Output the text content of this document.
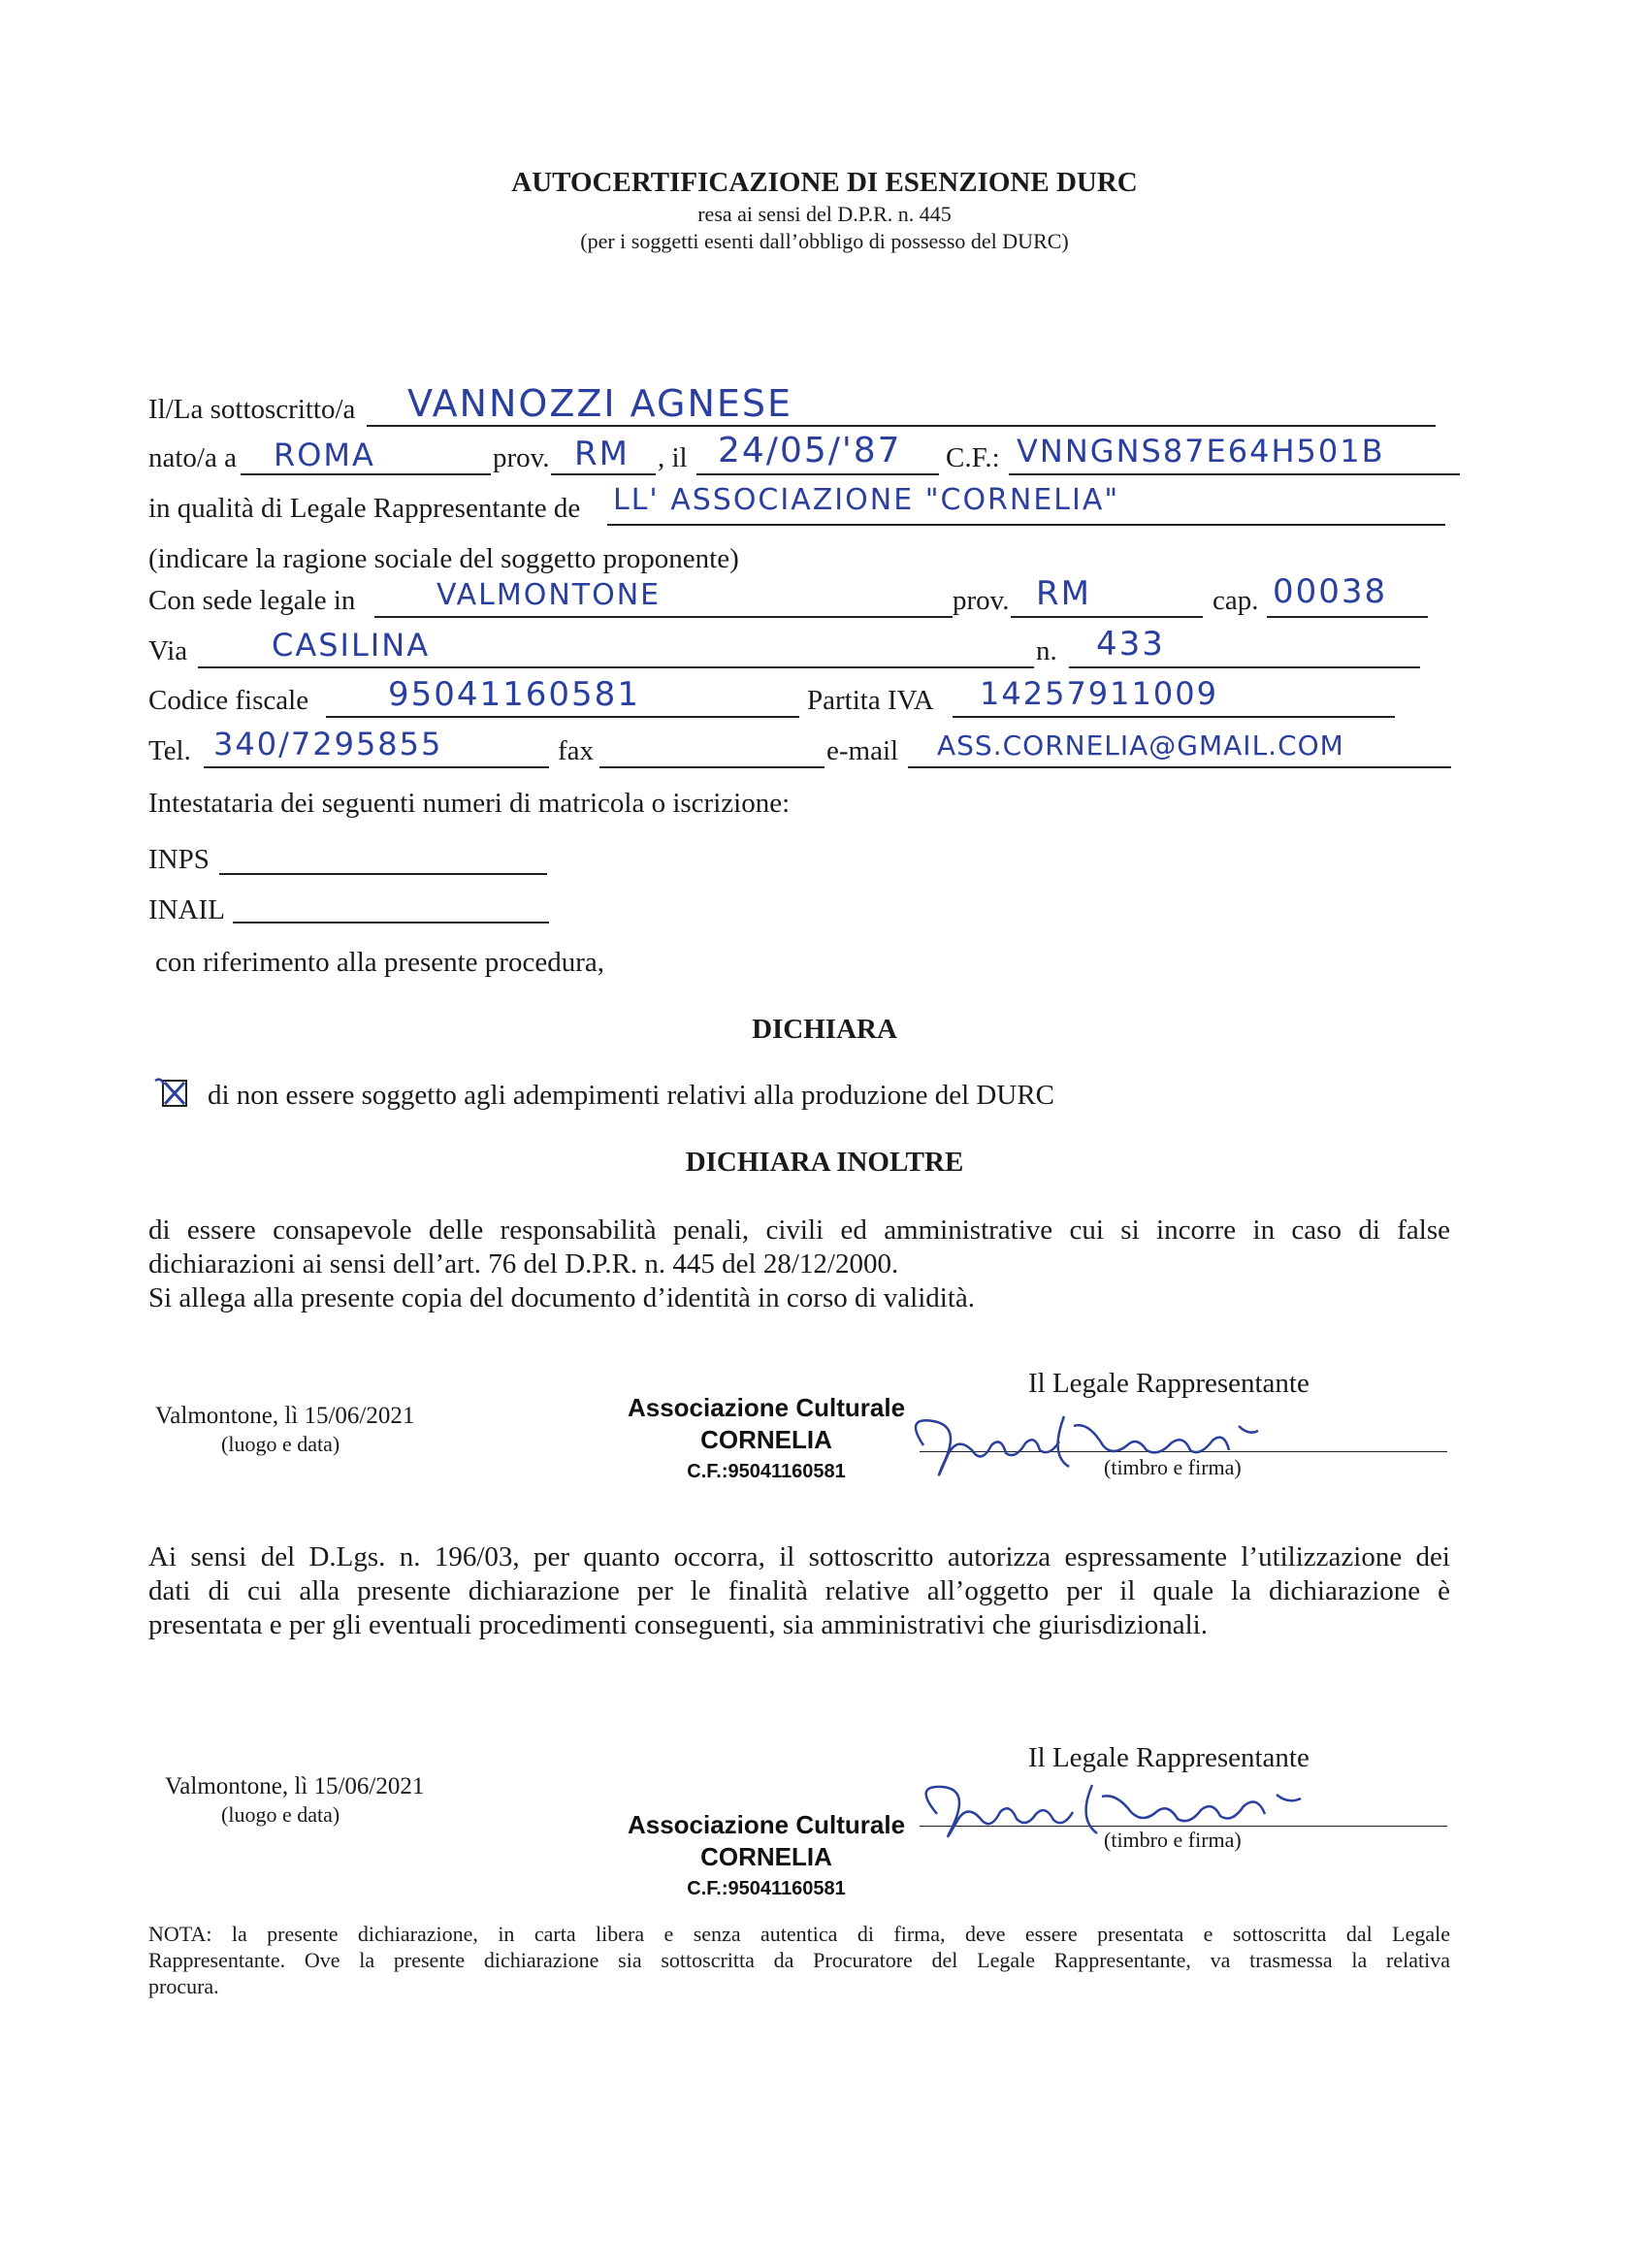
AUTOCERTIFICAZIONE DI ESENZIONE DURC
resa ai sensi del D.P.R. n. 445
(per i soggetti esenti dall’obbligo di possesso del DURC)
Il/La sottoscritto/a VANNOZZI AGNESE
nato/a a ROMA	prov. RM , il 24/05/'87 C.F.: VNNGNS87E64H501B
in qualità di Legale Rappresentante de LL' ASSOCIAZIONE "CORNELIA"
(indicare la ragione sociale del soggetto proponente)
Con sede legale in	VALMONTONE	prov. RM	cap. 00038
Via	CASILINA	n. 433
Codice fiscale 95041160581	Partita IVA 14257911009
Tel. 340/7295855	fax	e-mail ASS.CORNELIA@GMAIL.COM
Intestataria dei seguenti numeri di matricola o iscrizione:
INPS
INAIL
con riferimento alla presente procedura,
DICHIARA
di non essere soggetto agli adempimenti relativi alla produzione del DURC
DICHIARA INOLTRE
di essere consapevole delle responsabilità penali, civili ed amministrative cui si incorre in caso di false
dichiarazioni ai sensi dell’art. 76 del D.P.R. n. 445 del 28/12/2000.
Si allega alla presente copia del documento d’identità in corso di validità.
Valmontone, lì 15/06/2021
(luogo e data)
Associazione Culturale
CORNELIA
C.F.:95041160581
Il Legale Rappresentante
(timbro e firma)
Ai sensi del D.Lgs. n. 196/03, per quanto occorra, il sottoscritto autorizza espressamente l’utilizzazione dei
dati di cui alla presente dichiarazione per le finalità relative all’oggetto per il quale la dichiarazione è
presentata e per gli eventuali procedimenti conseguenti, sia amministrativi che giurisdizionali.
Il Legale Rappresentante
Valmontone, lì 15/06/2021
(luogo e data)	Associazione Culturale
CORNELIA
C.F.:95041160581
(timbro e firma)
NOTA: la presente dichiarazione, in carta libera e senza autentica di firma, deve essere presentata e sottoscritta dal Legale
Rappresentante. Ove la presente dichiarazione sia sottoscritta da Procuratore del Legale Rappresentante, va trasmessa la relativa
procura.
